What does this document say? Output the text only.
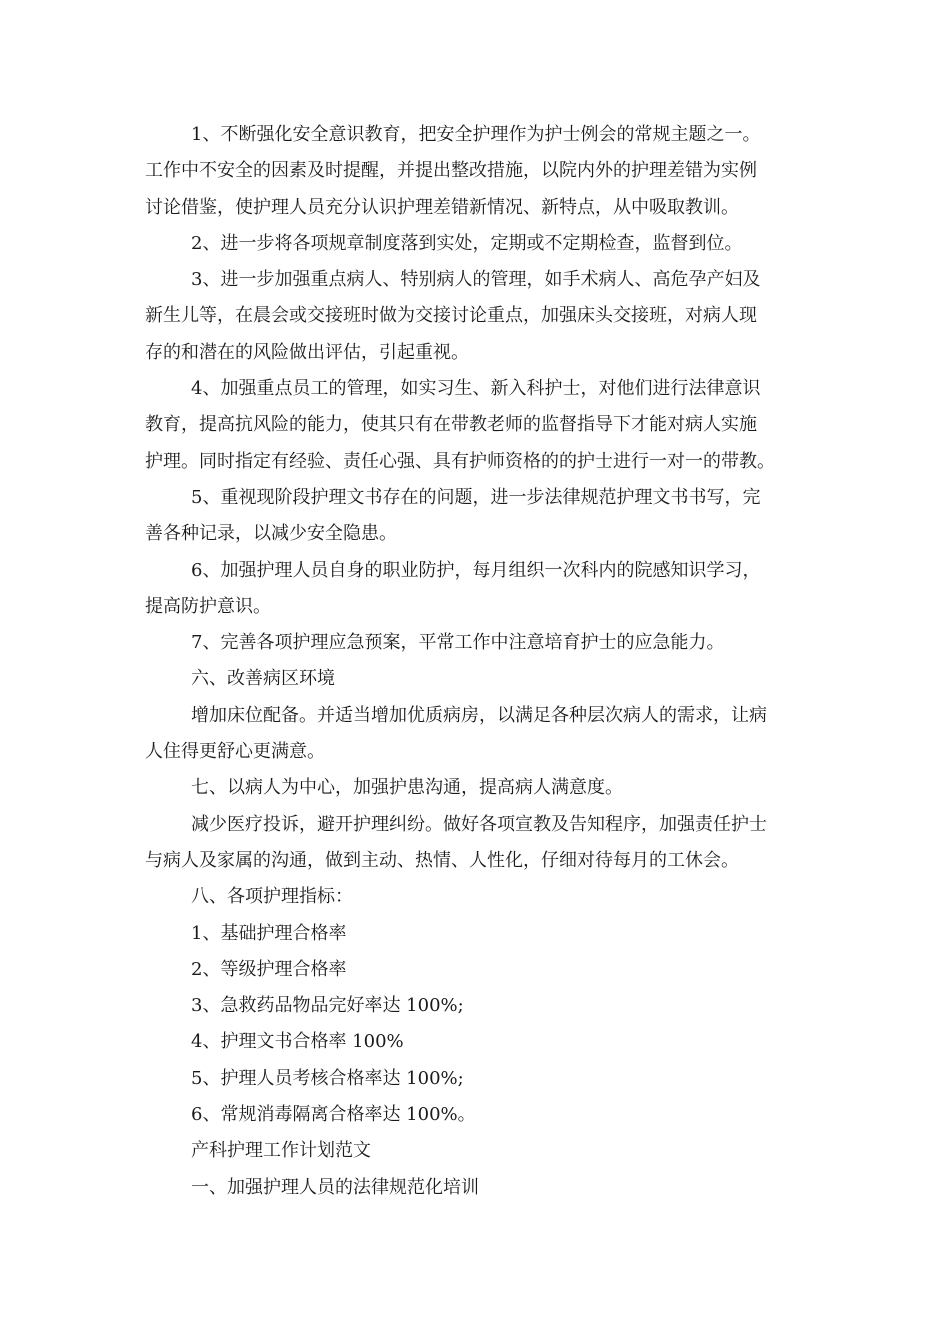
1、不断强化安全意识教育，把安全护理作为护士例会的常规主题之一。
工作中不安全的因素及时提醒，并提出整改措施，以院内外的护理差错为实例
讨论借鉴，使护理人员充分认识护理差错新情况、新特点，从中吸取教训。
2、进一步将各项规章制度落到实处，定期或不定期检查，监督到位。
3、进一步加强重点病人、特别病人的管理，如手术病人、高危孕产妇及
新生儿等，在晨会或交接班时做为交接讨论重点，加强床头交接班，对病人现
存的和潜在的风险做出评估，引起重视。
4、加强重点员工的管理，如实习生、新入科护士，对他们进行法律意识
教育，提高抗风险的能力，使其只有在带教老师的监督指导下才能对病人实施
护理。同时指定有经验、责任心强、具有护师资格的的护士进行一对一的带教。
5、重视现阶段护理文书存在的问题，进一步法律规范护理文书书写，完
善各种记录，以减少安全隐患。
6、加强护理人员自身的职业防护，每月组织一次科内的院感知识学习，
提高防护意识。
7、完善各项护理应急预案，平常工作中注意培育护士的应急能力。
六、改善病区环境
增加床位配备。并适当增加优质病房，以满足各种层次病人的需求，让病
人住得更舒心更满意。
七、以病人为中心，加强护患沟通，提高病人满意度。
减少医疗投诉，避开护理纠纷。做好各项宣教及告知程序，加强责任护士
与病人及家属的沟通，做到主动、热情、人性化，仔细对待每月的工休会。
八、各项护理指标：
1、基础护理合格率
2、等级护理合格率
3、急救药品物品完好率达 100%;
4、护理文书合格率 100%
5、护理人员考核合格率达 100%;
6、常规消毒隔离合格率达 100%。
产科护理工作计划范文
一、加强护理人员的法律规范化培训
